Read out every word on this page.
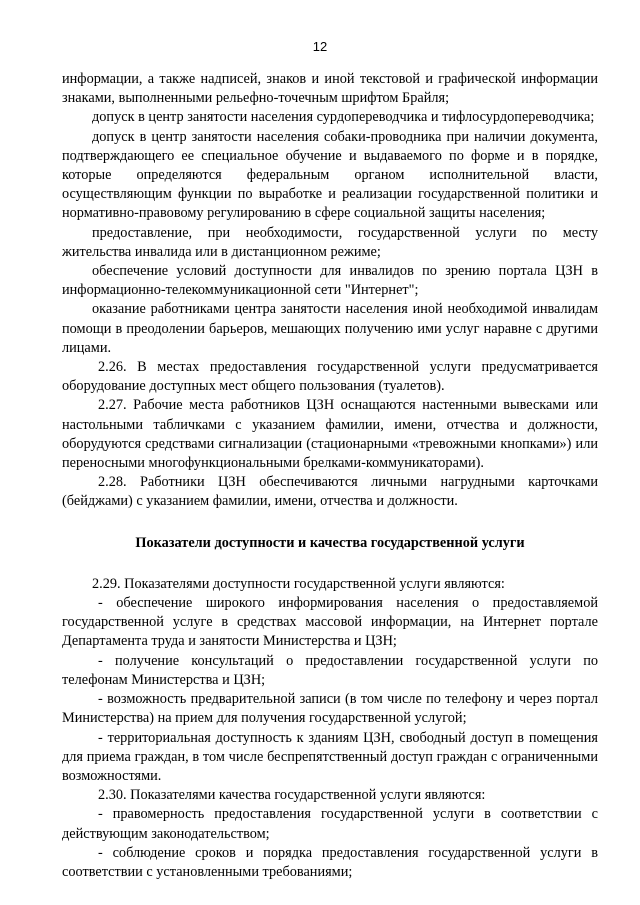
12

информации, а также надписей, знаков и иной текстовой и графической информации знаками, выполненными рельефно-точечным шрифтом Брайля;

допуск в центр занятости населения сурдопереводчика и тифлосурдопереводчика;

допуск в центр занятости населения собаки-проводника при наличии документа, подтверждающего ее специальное обучение и выдаваемого по форме и в порядке, которые определяются федеральным органом исполнительной власти, осуществляющим функции по выработке и реализации государственной политики и нормативно-правовому регулированию в сфере социальной защиты населения;

предоставление, при необходимости, государственной услуги по месту жительства инвалида или в дистанционном режиме;

обеспечение условий доступности для инвалидов по зрению портала ЦЗН в информационно-телекоммуникационной сети "Интернет";

оказание работниками центра занятости населения иной необходимой инвалидам помощи в преодолении барьеров, мешающих получению ими услуг наравне с другими лицами.

2.26. В местах предоставления государственной услуги предусматривается оборудование доступных мест общего пользования (туалетов).

2.27. Рабочие места работников ЦЗН оснащаются настенными вывесками или настольными табличками с указанием фамилии, имени, отчества и должности, оборудуются средствами сигнализации (стационарными «тревожными кнопками») или переносными многофункциональными брелками-коммуникаторами).

2.28. Работники ЦЗН обеспечиваются личными нагрудными карточками (бейджами) с указанием фамилии, имени, отчества и должности.

Показатели доступности и качества государственной услуги

2.29. Показателями доступности государственной услуги являются:

- обеспечение широкого информирования населения о предоставляемой государственной услуге в средствах массовой информации, на Интернет портале Департамента труда и занятости Министерства и ЦЗН;

- получение консультаций о предоставлении государственной услуги по телефонам Министерства и ЦЗН;

- возможность предварительной записи (в том числе по телефону и через портал Министерства) на прием для получения государственной услугой;

- территориальная доступность к зданиям ЦЗН, свободный доступ в помещения для приема граждан, в том числе беспрепятственный доступ граждан с ограниченными возможностями.

2.30. Показателями качества государственной услуги являются:

- правомерность предоставления государственной услуги в соответствии с действующим законодательством;

- соблюдение сроков и порядка предоставления государственной услуги в соответствии с установленными требованиями;
